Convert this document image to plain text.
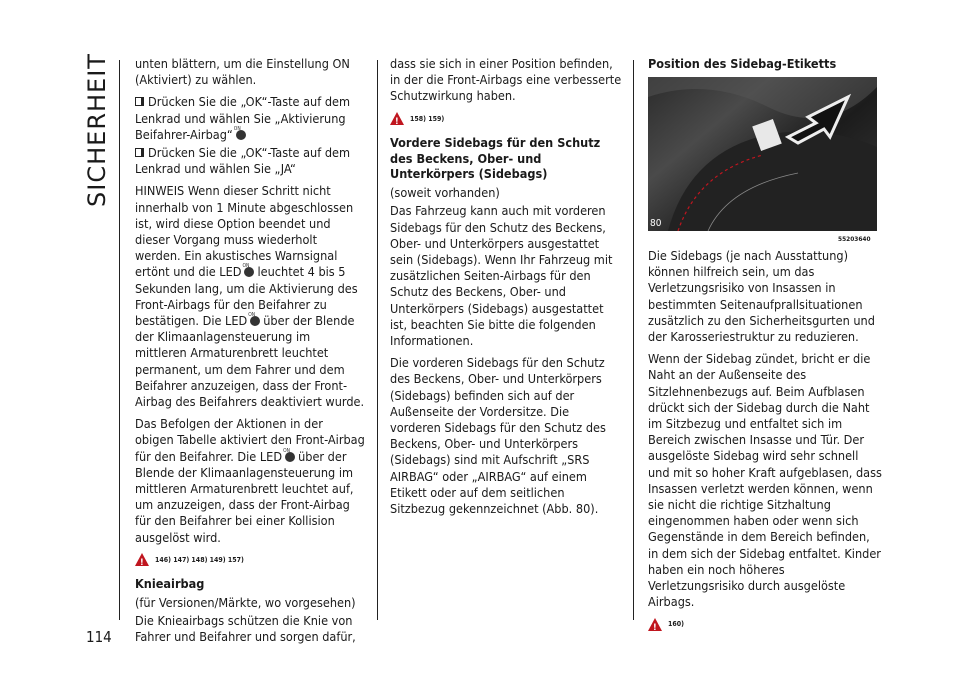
SICHERHEIT
114

unten blättern, um die Einstellung ON (Aktiviert) zu wählen.

Drücken Sie die „OK“-Taste auf dem Lenkrad und wählen Sie „Aktivierung Beifahrer-Airbag“ON

Drücken Sie die „OK“-Taste auf dem Lenkrad und wählen Sie „JA“

HINWEIS Wenn dieser Schritt nicht innerhalb von 1 Minute abgeschlossen ist, wird diese Option beendet und dieser Vorgang muss wiederholt werden. Ein akustisches Warnsignal ertönt und die LED ON leuchtet 4 bis 5 Sekunden lang, um die Aktivierung des Front-Airbags für den Beifahrer zu bestätigen. Die LED ON über der Blende der Klimaanlagensteuerung im mittleren Armaturenbrett leuchtet permanent, um dem Fahrer und dem Beifahrer anzuzeigen, dass der Front-Airbag des Beifahrers deaktiviert wurde.

Das Befolgen der Aktionen in der obigen Tabelle aktiviert den Front-Airbag für den Beifahrer. Die LED ON über der Blende der Klimaanlagensteuerung im mittleren Armaturenbrett leuchtet auf, um anzuzeigen, dass der Front-Airbag für den Beifahrer bei einer Kollision ausgelöst wird.

!
146) 147) 148) 149) 157)
Knieairbag

(für Versionen/Märkte, wo vorgesehen)

Die Knieairbags schützen die Knie von Fahrer und Beifahrer und sorgen dafür,

dass sie sich in einer Position befinden, in der die Front-Airbags eine verbesserte Schutzwirkung haben.

!
158) 159)
Vordere Sidebags für den Schutz des Beckens, Ober- und Unterkörpers (Sidebags)

(soweit vorhanden)

Das Fahrzeug kann auch mit vorderen Sidebags für den Schutz des Beckens, Ober- und Unterkörpers ausgestattet sein (Sidebags). Wenn Ihr Fahrzeug mit zusätzlichen Seiten-Airbags für den Schutz des Beckens, Ober- und Unterkörpers (Sidebags) ausgestattet ist, beachten Sie bitte die folgenden Informationen.

Die vorderen Sidebags für den Schutz des Beckens, Ober- und Unterkörpers (Sidebags) befinden sich auf der Außenseite der Vordersitze. Die vorderen Sidebags für den Schutz des Beckens, Ober- und Unterkörpers (Sidebags) sind mit Aufschrift „SRS AIRBAG“ oder „AIRBAG“ auf einem Etikett oder auf dem seitlichen Sitzbezug gekennzeichnet (Abb. 80).

Position des Sidebag-Etiketts
80
55203640

Die Sidebags (je nach Ausstattung) können hilfreich sein, um das Verletzungsrisiko von Insassen in bestimmten Seitenaufprallsituationen zusätzlich zu den Sicherheitsgurten und der Karosseriestruktur zu reduzieren.

Wenn der Sidebag zündet, bricht er die Naht an der Außenseite des Sitzlehnenbezugs auf. Beim Aufblasen drückt sich der Sidebag durch die Naht im Sitzbezug und entfaltet sich im Bereich zwischen Insasse und Tür. Der ausgelöste Sidebag wird sehr schnell und mit so hoher Kraft aufgeblasen, dass Insassen verletzt werden können, wenn sie nicht die richtige Sitzhaltung eingenommen haben oder wenn sich Gegenstände in dem Bereich befinden, in dem sich der Sidebag entfaltet. Kinder haben ein noch höheres Verletzungsrisiko durch ausgelöste Airbags.

!
160)
